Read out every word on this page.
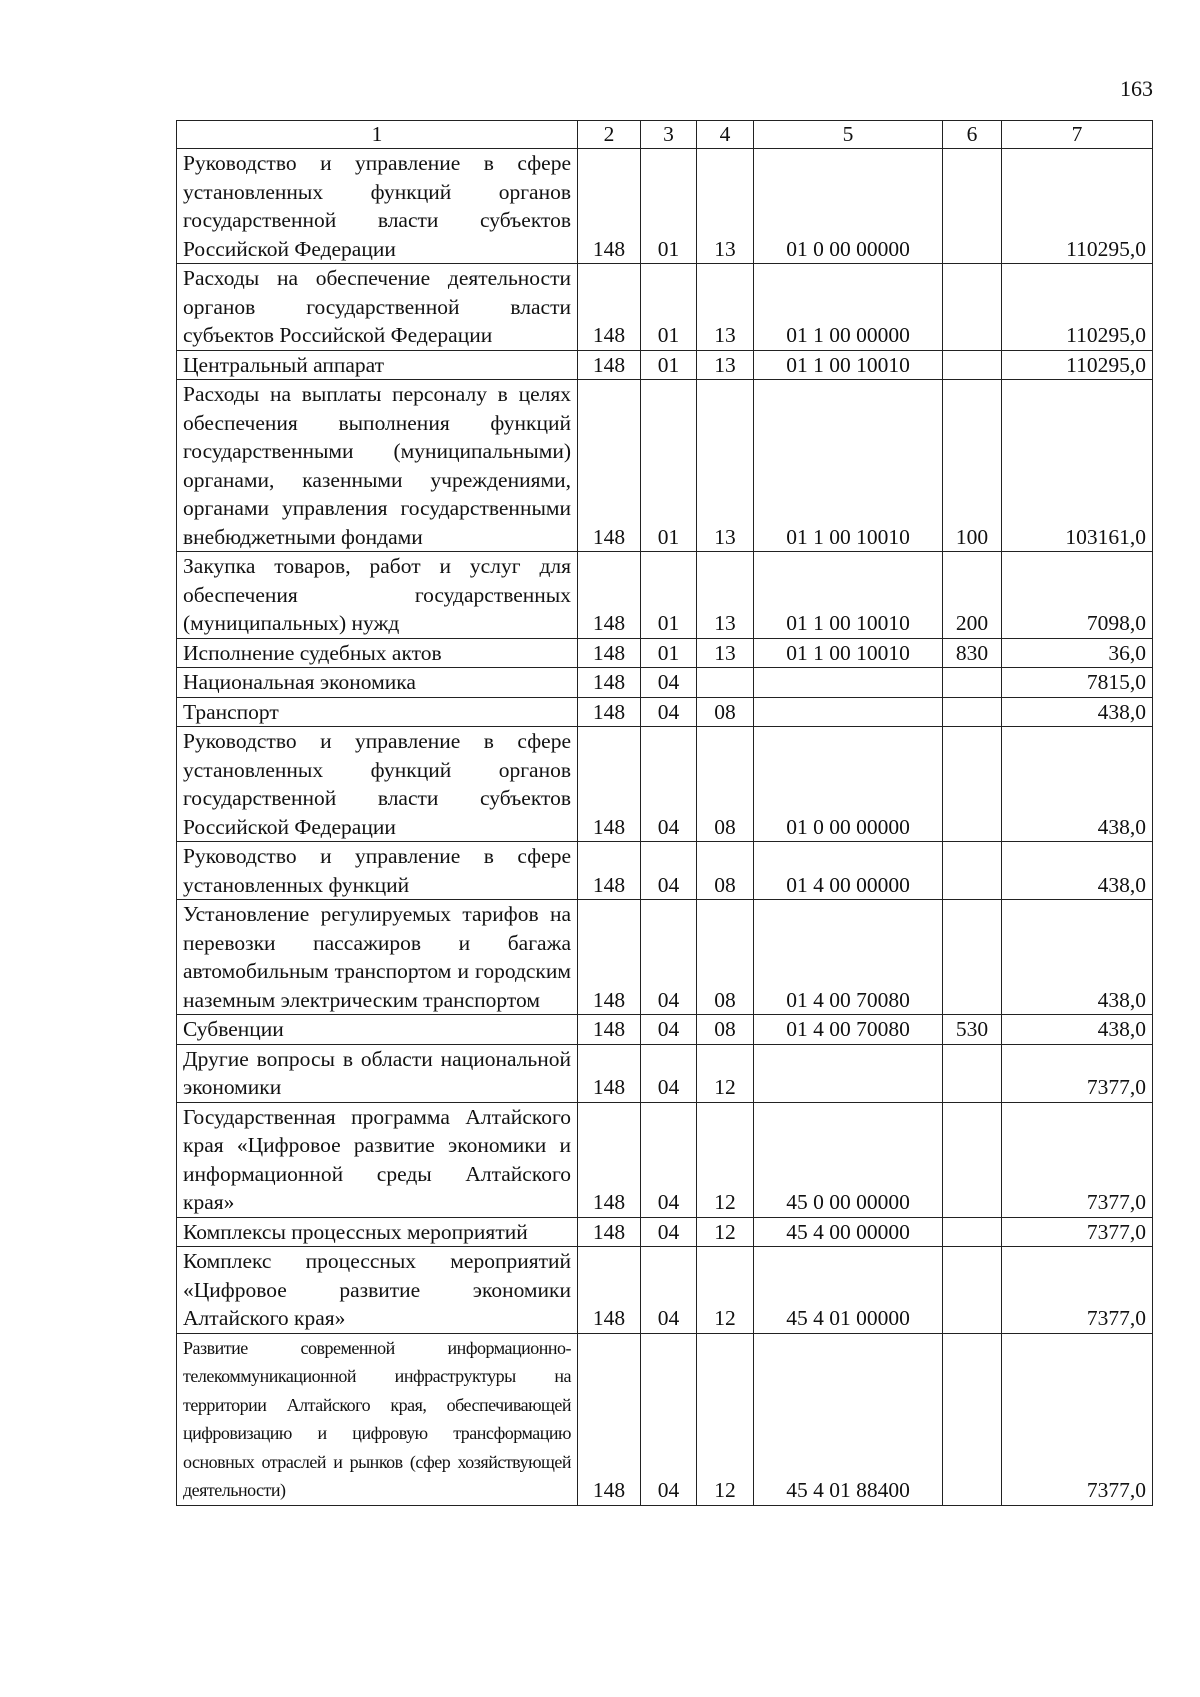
163
1	2	3	4	5	6	7
Руководство и управление в сфере установленных функций органов государственной власти субъектов Российской Федерации	148	01	13	01 0 00 00000		110295,0
Расходы на обеспечение деятельности органов государственной власти субъектов Российской Федерации	148	01	13	01 1 00 00000		110295,0
Центральный аппарат	148	01	13	01 1 00 10010		110295,0
Расходы на выплаты персоналу в целях обеспечения выполнения функций государственными (муниципальными) органами, казенными учреждениями, органами управления государственными внебюджетными фондами	148	01	13	01 1 00 10010	100	103161,0
Закупка товаров, работ и услуг для обеспечения государственных (муниципальных) нужд	148	01	13	01 1 00 10010	200	7098,0
Исполнение судебных актов	148	01	13	01 1 00 10010	830	36,0
Национальная экономика	148	04				7815,0
Транспорт	148	04	08			438,0
Руководство и управление в сфере установленных функций органов государственной власти субъектов Российской Федерации	148	04	08	01 0 00 00000		438,0
Руководство и управление в сфере установленных функций	148	04	08	01 4 00 00000		438,0
Установление регулируемых тарифов на перевозки пассажиров и багажа автомобильным транспортом и городским наземным электрическим транспортом	148	04	08	01 4 00 70080		438,0
Субвенции	148	04	08	01 4 00 70080	530	438,0
Другие вопросы в области национальной экономики	148	04	12			7377,0
Государственная программа Алтайского края «Цифровое развитие экономики и информационной среды Алтайского края»	148	04	12	45 0 00 00000		7377,0
Комплексы процессных мероприятий	148	04	12	45 4 00 00000		7377,0
Комплекс процессных мероприятий «Цифровое развитие экономики Алтайского края»	148	04	12	45 4 01 00000		7377,0
Развитие современной информационно-телекоммуникационной инфраструктуры на территории Алтайского края, обеспечивающей цифровизацию и цифровую трансформацию основных отраслей и рынков (сфер хозяйствующей деятельности)	148	04	12	45 4 01 88400		7377,0
